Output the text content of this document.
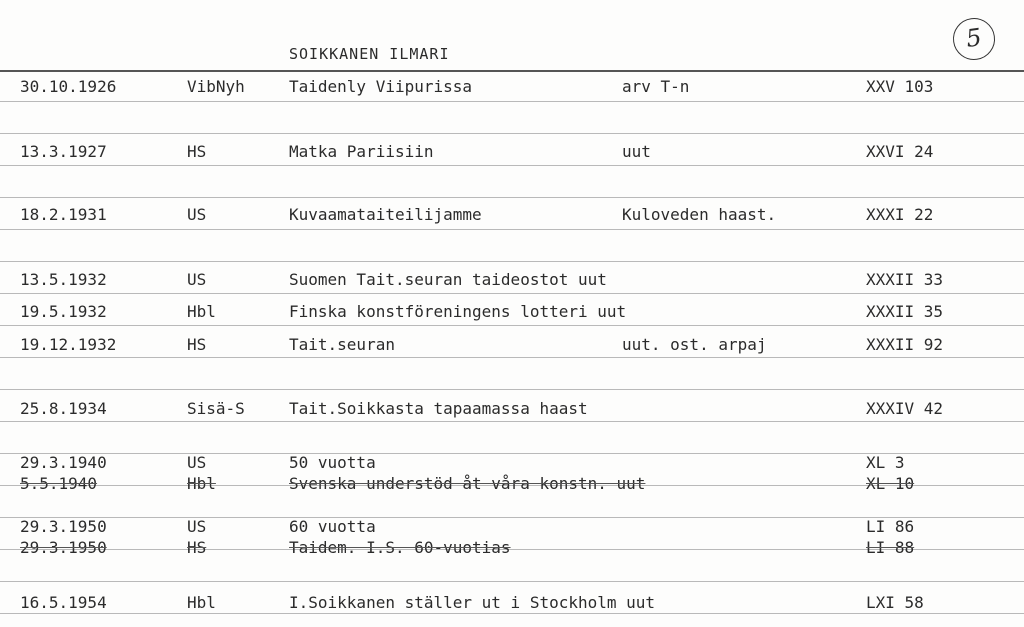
SOIKKANEN ILMARI
5
30.10.1926	VibNyh	Taidenly Viipurissa	arv T-n	XXV 103
13.3.1927	HS	Matka Pariisiin	uut	XXVI 24
18.2.1931	US	Kuvaamataiteilijamme	Kuloveden haast.	XXXI 22
13.5.1932	US	Suomen Tait.seuran taideostot uut	XXXII 33
19.5.1932	Hbl	Finska konstföreningens lotteri uut	XXXII 35
19.12.1932	HS	Tait.seuran	uut. ost. arpaj	XXXII 92
25.8.1934	Sisä-S	Tait.Soikkasta tapaamassa haast	XXXIV 42
29.3.1940	US	50 vuotta	XL 3
5.5.1940	Hbl	Svenska understöd åt våra konstn. uut	XL 10
29.3.1950	US	60 vuotta	LI 86
29.3.1950	HS	Taidem. I.S. 60-vuotias	LI 88
16.5.1954	Hbl	I.Soikkanen ställer ut i Stockholm uut	LXI 58
